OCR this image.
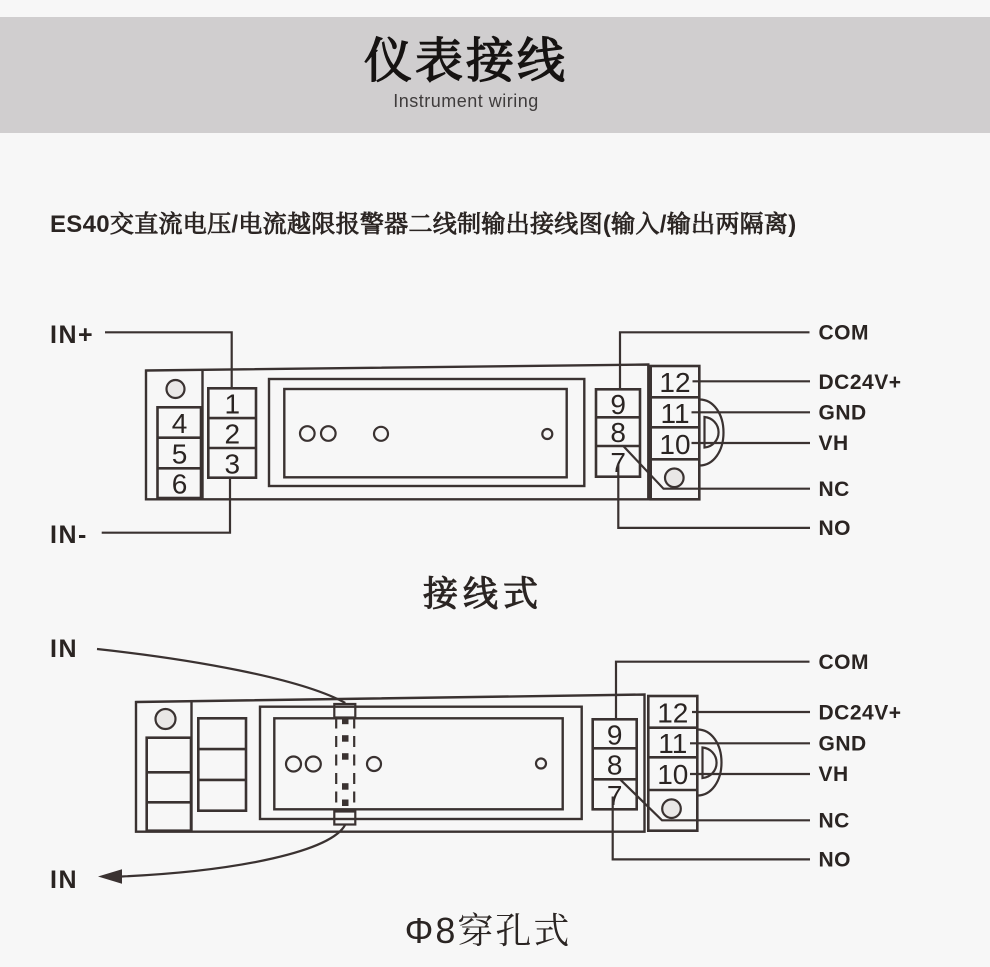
仪表接线
Instrument wiring
ES40交直流电压/电流越限报警器二线制输出接线图(输入/输出两隔离)
4
5
6
1
2
3
9
8
7
12
11
10
IN+
IN-
COM
DC24V+
GND
VH
NC
NO
9
8
7
12
11
10
IN
IN
COM
DC24V+
GND
VH
NC
NO
接线式
Φ8穿孔式
